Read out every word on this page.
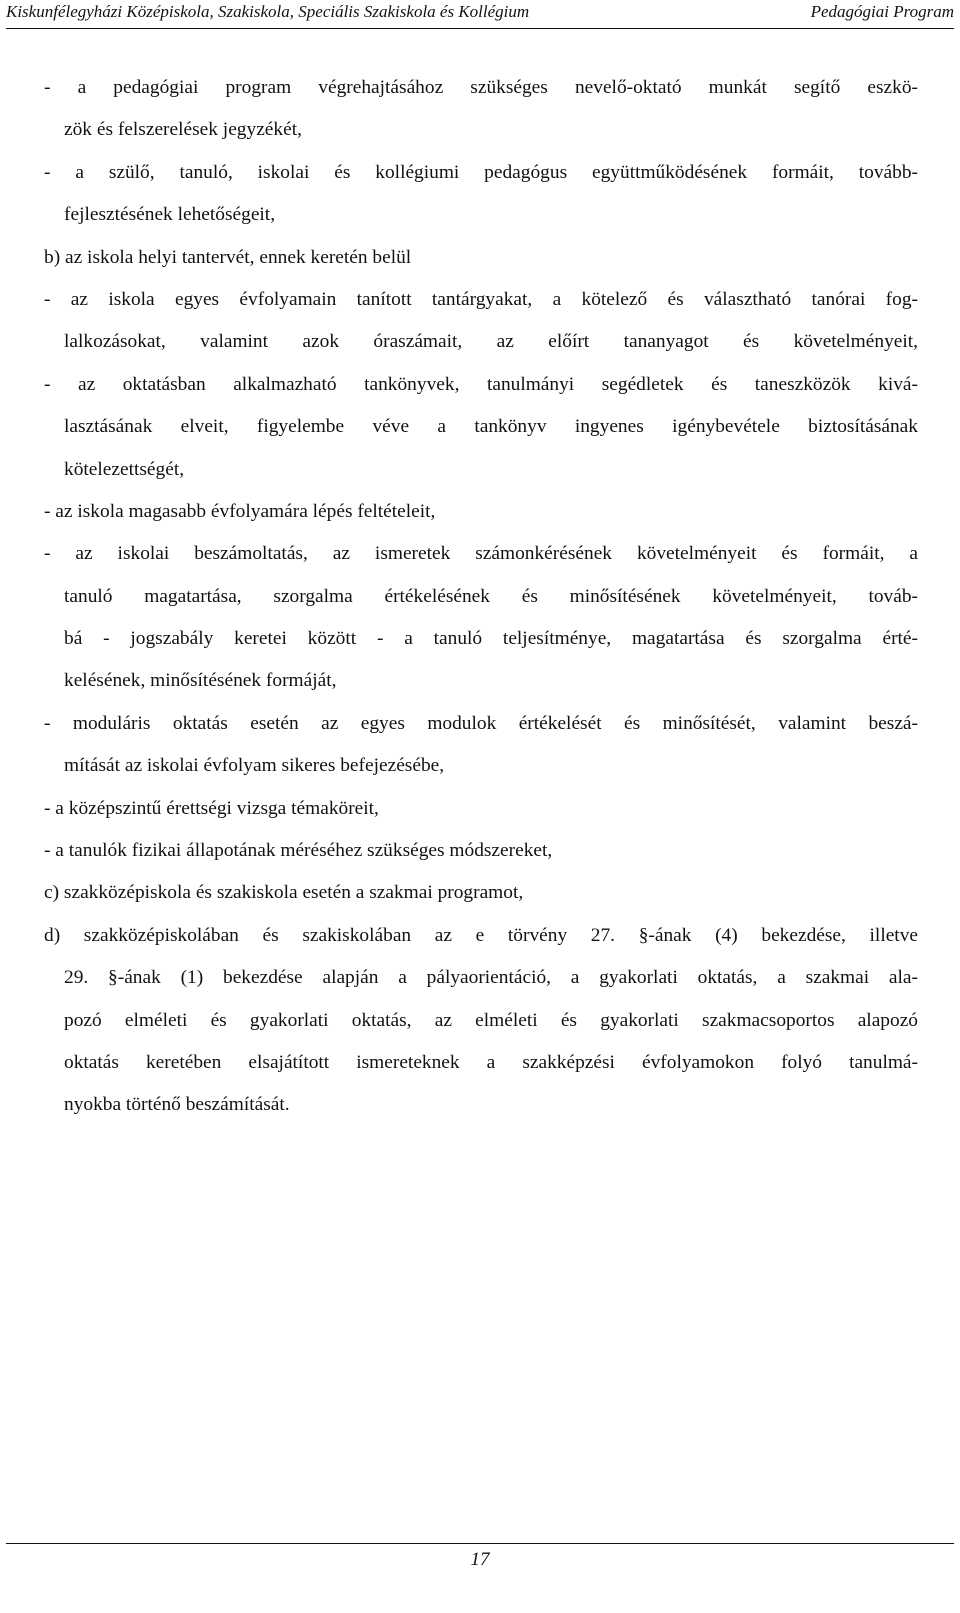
Kiskunfélegyházi Középiskola, Szakiskola, Speciális Szakiskola és Kollégium	Pedagógiai Program
- a pedagógiai program végrehajtásához szükséges nevelő-oktató munkát segítő eszkö-
zök és felszerelések jegyzékét,
- a szülő, tanuló, iskolai és kollégiumi pedagógus együttműködésének formáit, tovább-
fejlesztésének lehetőségeit,
b) az iskola helyi tantervét, ennek keretén belül
- az iskola egyes évfolyamain tanított tantárgyakat, a kötelező és választható tanórai fog-
lalkozásokat, valamint azok óraszámait, az előírt tananyagot és követelményeit,
- az oktatásban alkalmazható tankönyvek, tanulmányi segédletek és taneszközök kivá-
lasztásának elveit, figyelembe véve a tankönyv ingyenes igénybevétele biztosításának
kötelezettségét,
- az iskola magasabb évfolyamára lépés feltételeit,
- az iskolai beszámoltatás, az ismeretek számonkérésének követelményeit és formáit, a
tanuló magatartása, szorgalma értékelésének és minősítésének követelményeit, továb-
bá - jogszabály keretei között - a tanuló teljesítménye, magatartása és szorgalma érté-
kelésének, minősítésének formáját,
- moduláris oktatás esetén az egyes modulok értékelését és minősítését, valamint beszá-
mítását az iskolai évfolyam sikeres befejezésébe,
- a középszintű érettségi vizsga témaköreit,
- a tanulók fizikai állapotának méréséhez szükséges módszereket,
c) szakközépiskola és szakiskola esetén a szakmai programot,
d) szakközépiskolában és szakiskolában az e törvény 27. §-ának (4) bekezdése, illetve
29. §-ának (1) bekezdése alapján a pályaorientáció, a gyakorlati oktatás, a szakmai ala-
pozó elméleti és gyakorlati oktatás, az elméleti és gyakorlati szakmacsoportos alapozó
oktatás keretében elsajátított ismereteknek a szakképzési évfolyamokon folyó tanulmá-
nyokba történő beszámítását.
17
